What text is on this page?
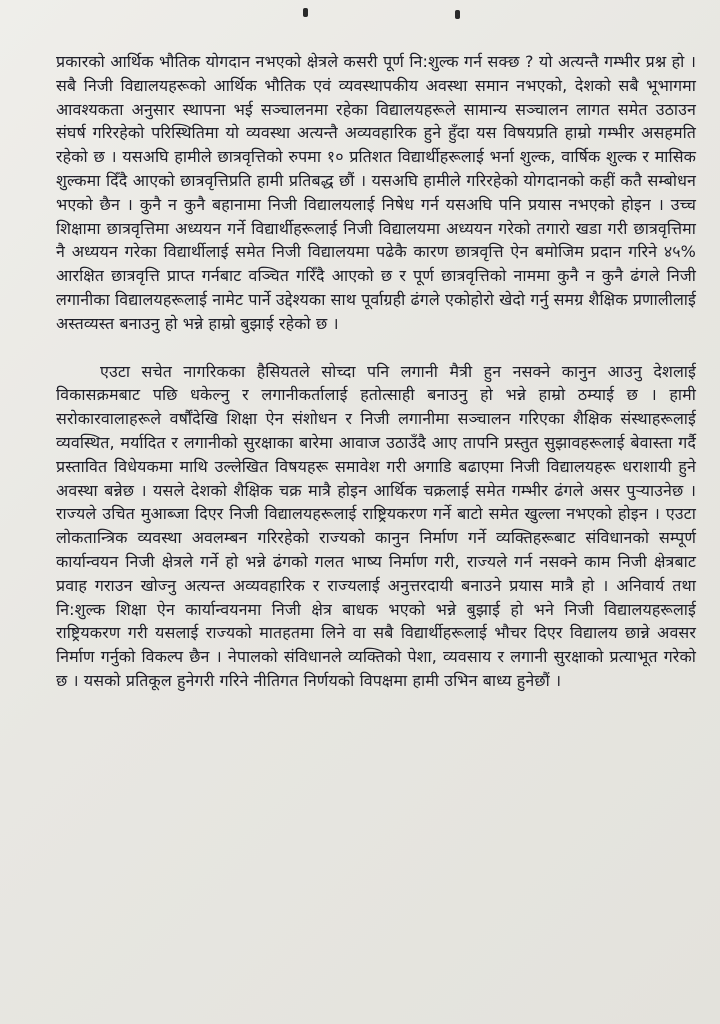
प्रकारको आर्थिक भौतिक योगदान नभएको क्षेत्रले कसरी पूर्ण नि:शुल्क गर्न सक्छ ? यो अत्यन्तै गम्भीर प्रश्न हो । सबै निजी विद्यालयहरूको आर्थिक भौतिक एवं व्यवस्थापकीय अवस्था समान नभएको, देशको सबै भूभागमा आवश्यकता अनुसार स्थापना भई सञ्चालनमा रहेका विद्यालयहरूले सामान्य सञ्चालन लागत समेत उठाउन संघर्ष गरिरहेको परिस्थितिमा यो व्यवस्था अत्यन्तै अव्यवहारिक हुने हुँदा यस विषयप्रति हाम्रो गम्भीर असहमति रहेको छ । यसअघि हामीले छात्रवृत्तिको रुपमा १० प्रतिशत विद्यार्थीहरूलाई भर्ना शुल्क, वार्षिक शुल्क र मासिक शुल्कमा दिँदै आएको छात्रवृत्तिप्रति हामी प्रतिबद्ध छौं । यसअघि हामीले गरिरहेको योगदानको कहीं कतै सम्बोधन भएको छैन । कुनै न कुनै बहानामा निजी विद्यालयलाई निषेध गर्न यसअघि पनि प्रयास नभएको होइन । उच्च शिक्षामा छात्रवृत्तिमा अध्ययन गर्ने विद्यार्थीहरूलाई निजी विद्यालयमा अध्ययन गरेको तगारो खडा गरी छात्रवृत्तिमा नै अध्ययन गरेका विद्यार्थीलाई समेत निजी विद्यालयमा पढेकै कारण छात्रवृत्ति ऐन बमोजिम प्रदान गरिने ४५% आरक्षित छात्रवृत्ति प्राप्त गर्नबाट वञ्चित गरिँदै आएको छ र पूर्ण छात्रवृत्तिको नाममा कुनै न कुनै ढंगले निजी लगानीका विद्यालयहरूलाई नामेट पार्ने उद्देश्यका साथ पूर्वाग्रही ढंगले एकोहोरो खेदो गर्नु समग्र शैक्षिक प्रणालीलाई अस्तव्यस्त बनाउनु हो भन्ने हाम्रो बुझाई रहेको छ ।

एउटा सचेत नागरिकका हैसियतले सोच्दा पनि लगानी मैत्री हुन नसक्ने कानुन आउनु देशलाई विकासक्रमबाट पछि धकेल्नु र लगानीकर्तालाई हतोत्साही बनाउनु हो भन्ने हाम्रो ठम्याई छ । हामी सरोकारवालाहरूले वर्षौंदेखि शिक्षा ऐन संशोधन र निजी लगानीमा सञ्चालन गरिएका शैक्षिक संस्थाहरूलाई व्यवस्थित, मर्यादित र लगानीको सुरक्षाका बारेमा आवाज उठाउँदै आए तापनि प्रस्तुत सुझावहरूलाई बेवास्ता गर्दै प्रस्तावित विधेयकमा माथि उल्लेखित विषयहरू समावेश गरी अगाडि बढाएमा निजी विद्यालयहरू धराशायी हुने अवस्था बन्नेछ । यसले देशको शैक्षिक चक्र मात्रै होइन आर्थिक चक्रलाई समेत गम्भीर ढंगले असर पुऱ्याउनेछ । राज्यले उचित मुआब्जा दिएर निजी विद्यालयहरूलाई राष्ट्रियकरण गर्ने बाटो समेत खुल्ला नभएको होइन । एउटा लोकतान्त्रिक व्यवस्था अवलम्बन गरिरहेको राज्यको कानुन निर्माण गर्ने व्यक्तिहरूबाट संविधानको सम्पूर्ण कार्यान्वयन निजी क्षेत्रले गर्ने हो भन्ने ढंगको गलत भाष्य निर्माण गरी, राज्यले गर्न नसक्ने काम निजी क्षेत्रबाट प्रवाह गराउन खोज्नु अत्यन्त अव्यवहारिक र राज्यलाई अनुत्तरदायी बनाउने प्रयास मात्रै हो । अनिवार्य तथा नि:शुल्क शिक्षा ऐन कार्यान्वयनमा निजी क्षेत्र बाधक भएको भन्ने बुझाई हो भने निजी विद्यालयहरूलाई राष्ट्रियकरण गरी यसलाई राज्यको मातहतमा लिने वा सबै विद्यार्थीहरूलाई भौचर दिएर विद्यालय छान्ने अवसर निर्माण गर्नुको विकल्प छैन । नेपालको संविधानले व्यक्तिको पेशा, व्यवसाय र लगानी सुरक्षाको प्रत्याभूत गरेको छ । यसको प्रतिकूल हुनेगरी गरिने नीतिगत निर्णयको विपक्षमा हामी उभिन बाध्य हुनेछौं ।
